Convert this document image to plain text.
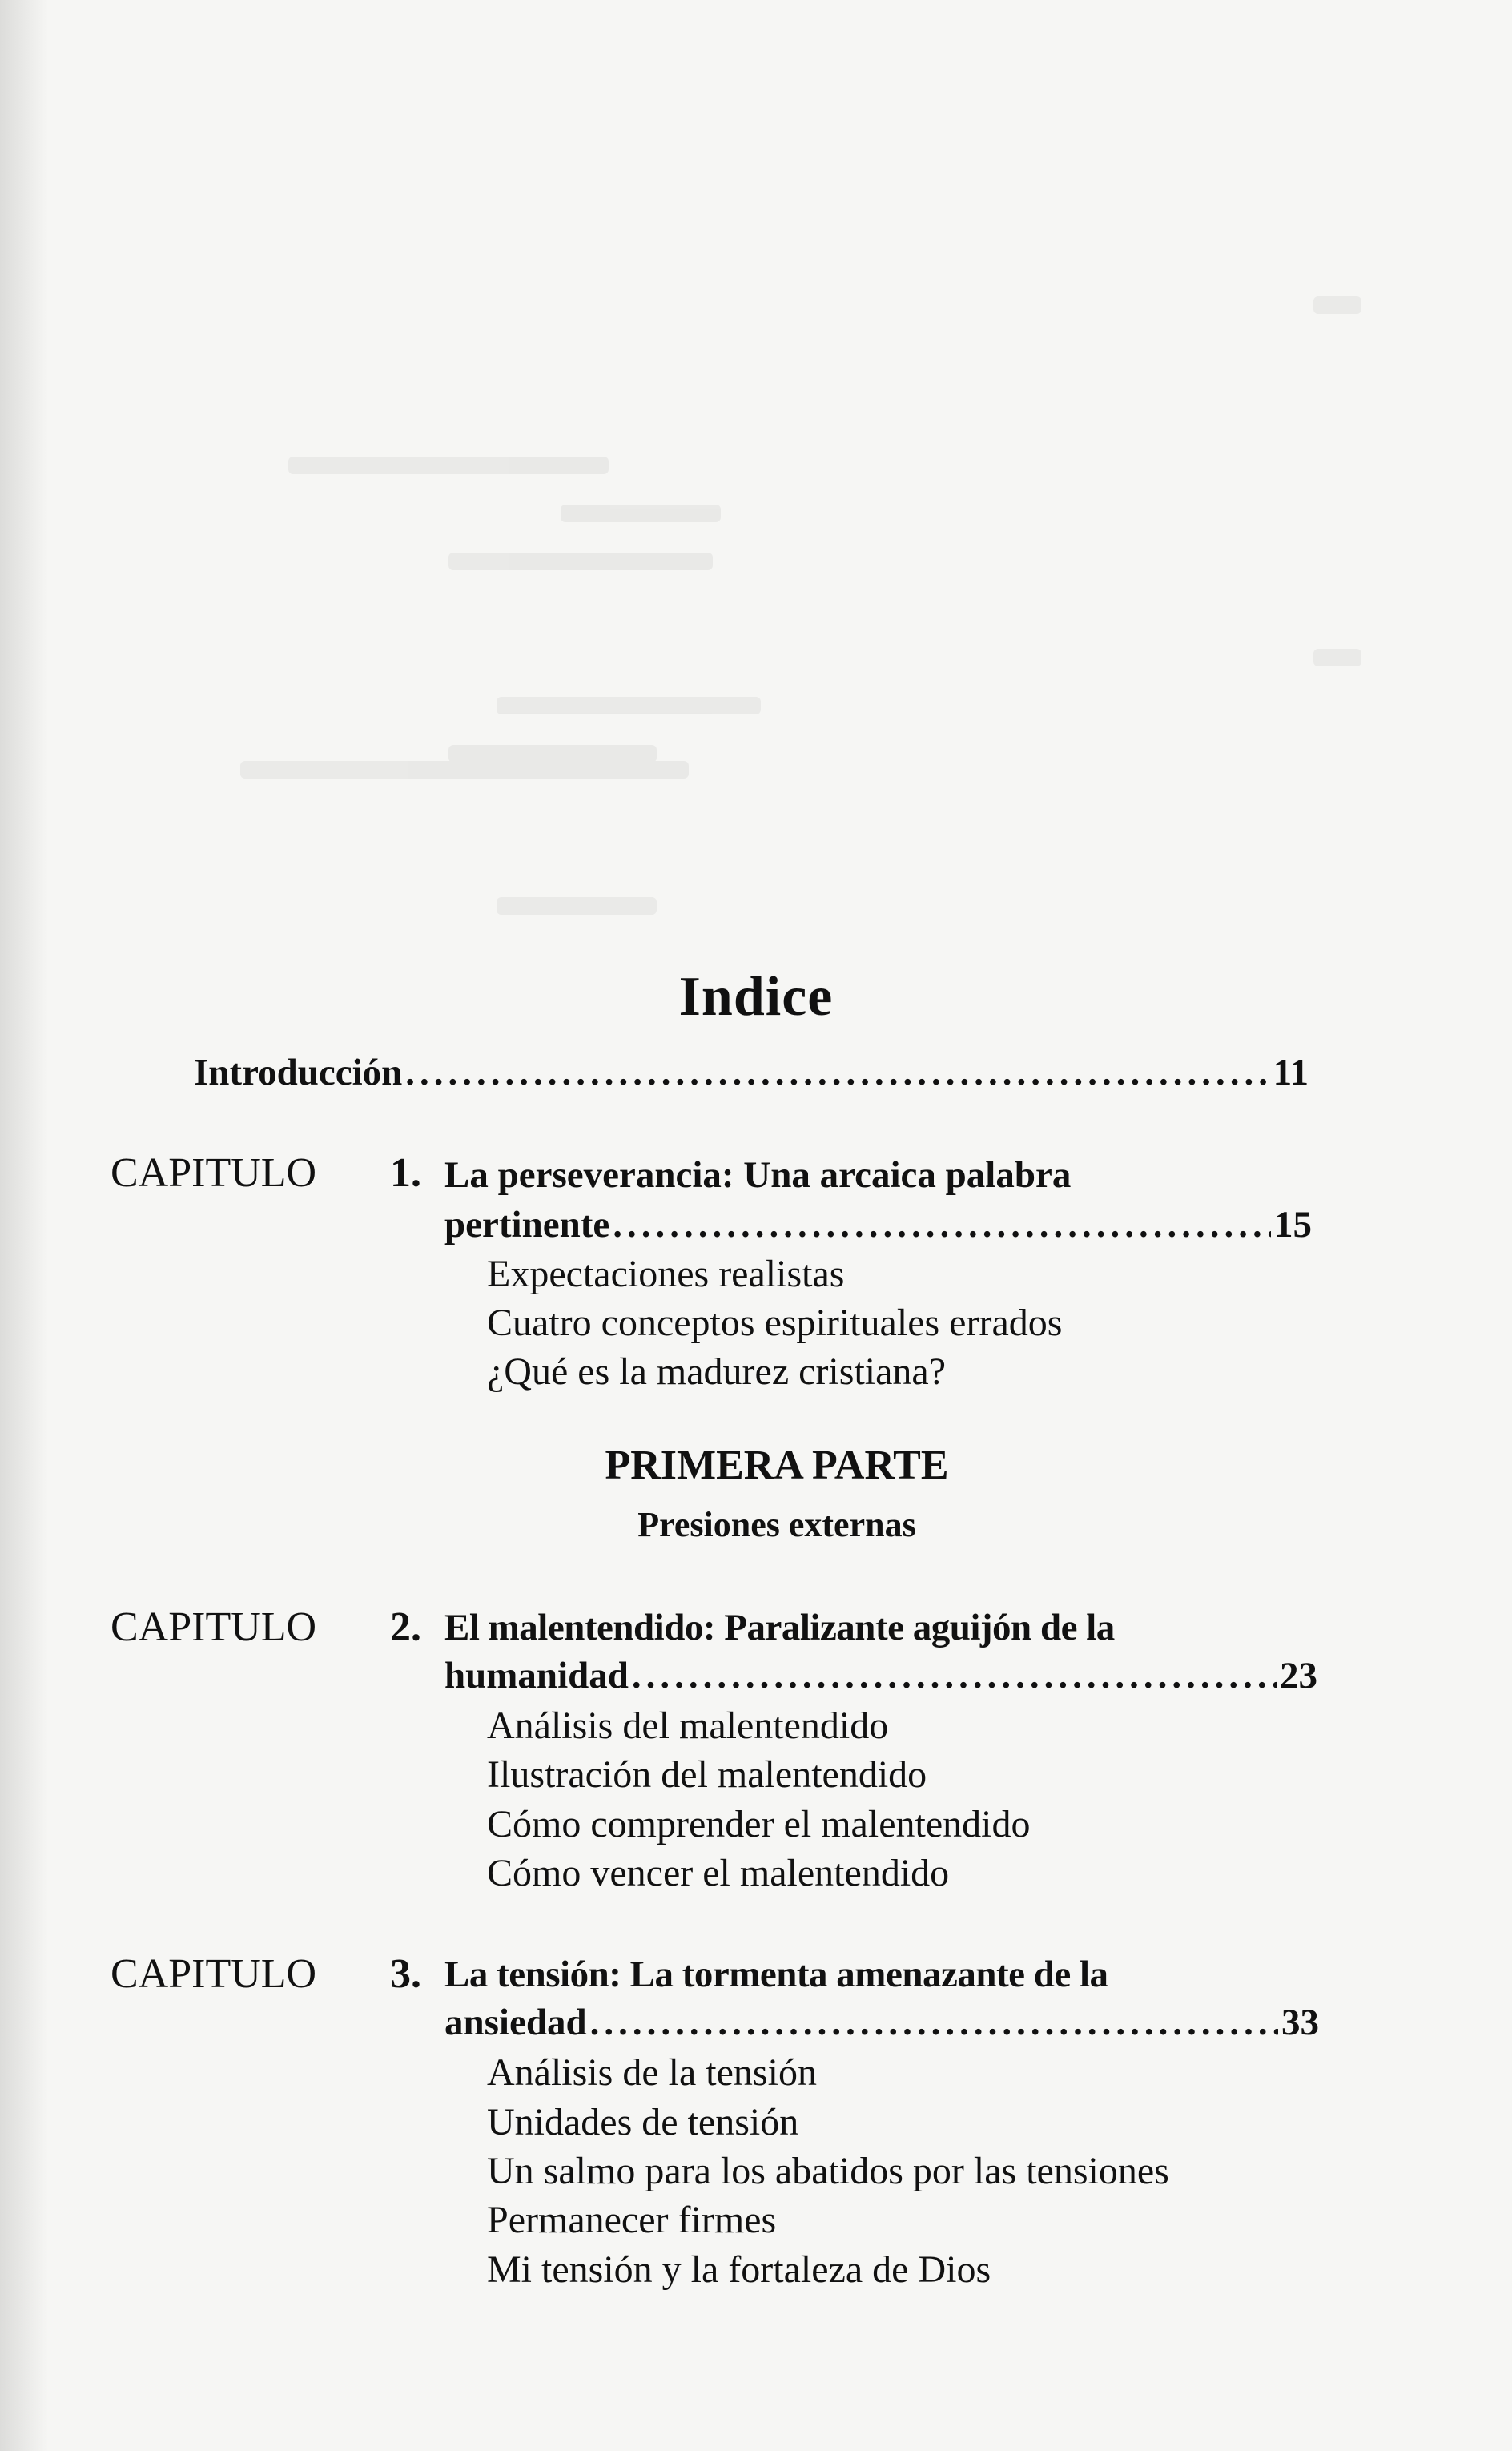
Indice
Introducción .....	11
CAPITULO 1. La perseverancia: Una arcaica palabra
pertinente .....	15
Expectaciones realistas
Cuatro conceptos espirituales errados
¿Qué es la madurez cristiana?
PRIMERA PARTE
Presiones externas
CAPITULO 2. El malentendido: Paralizante aguijón de la
humanidad .....	23
Análisis del malentendido
Ilustración del malentendido
Cómo comprender el malentendido
Cómo vencer el malentendido
CAPITULO 3. La tensión: La tormenta amenazante de la
ansiedad .....	33
Análisis de la tensión
Unidades de tensión
Un salmo para los abatidos por las tensiones
Permanecer firmes
Mi tensión y la fortaleza de Dios
